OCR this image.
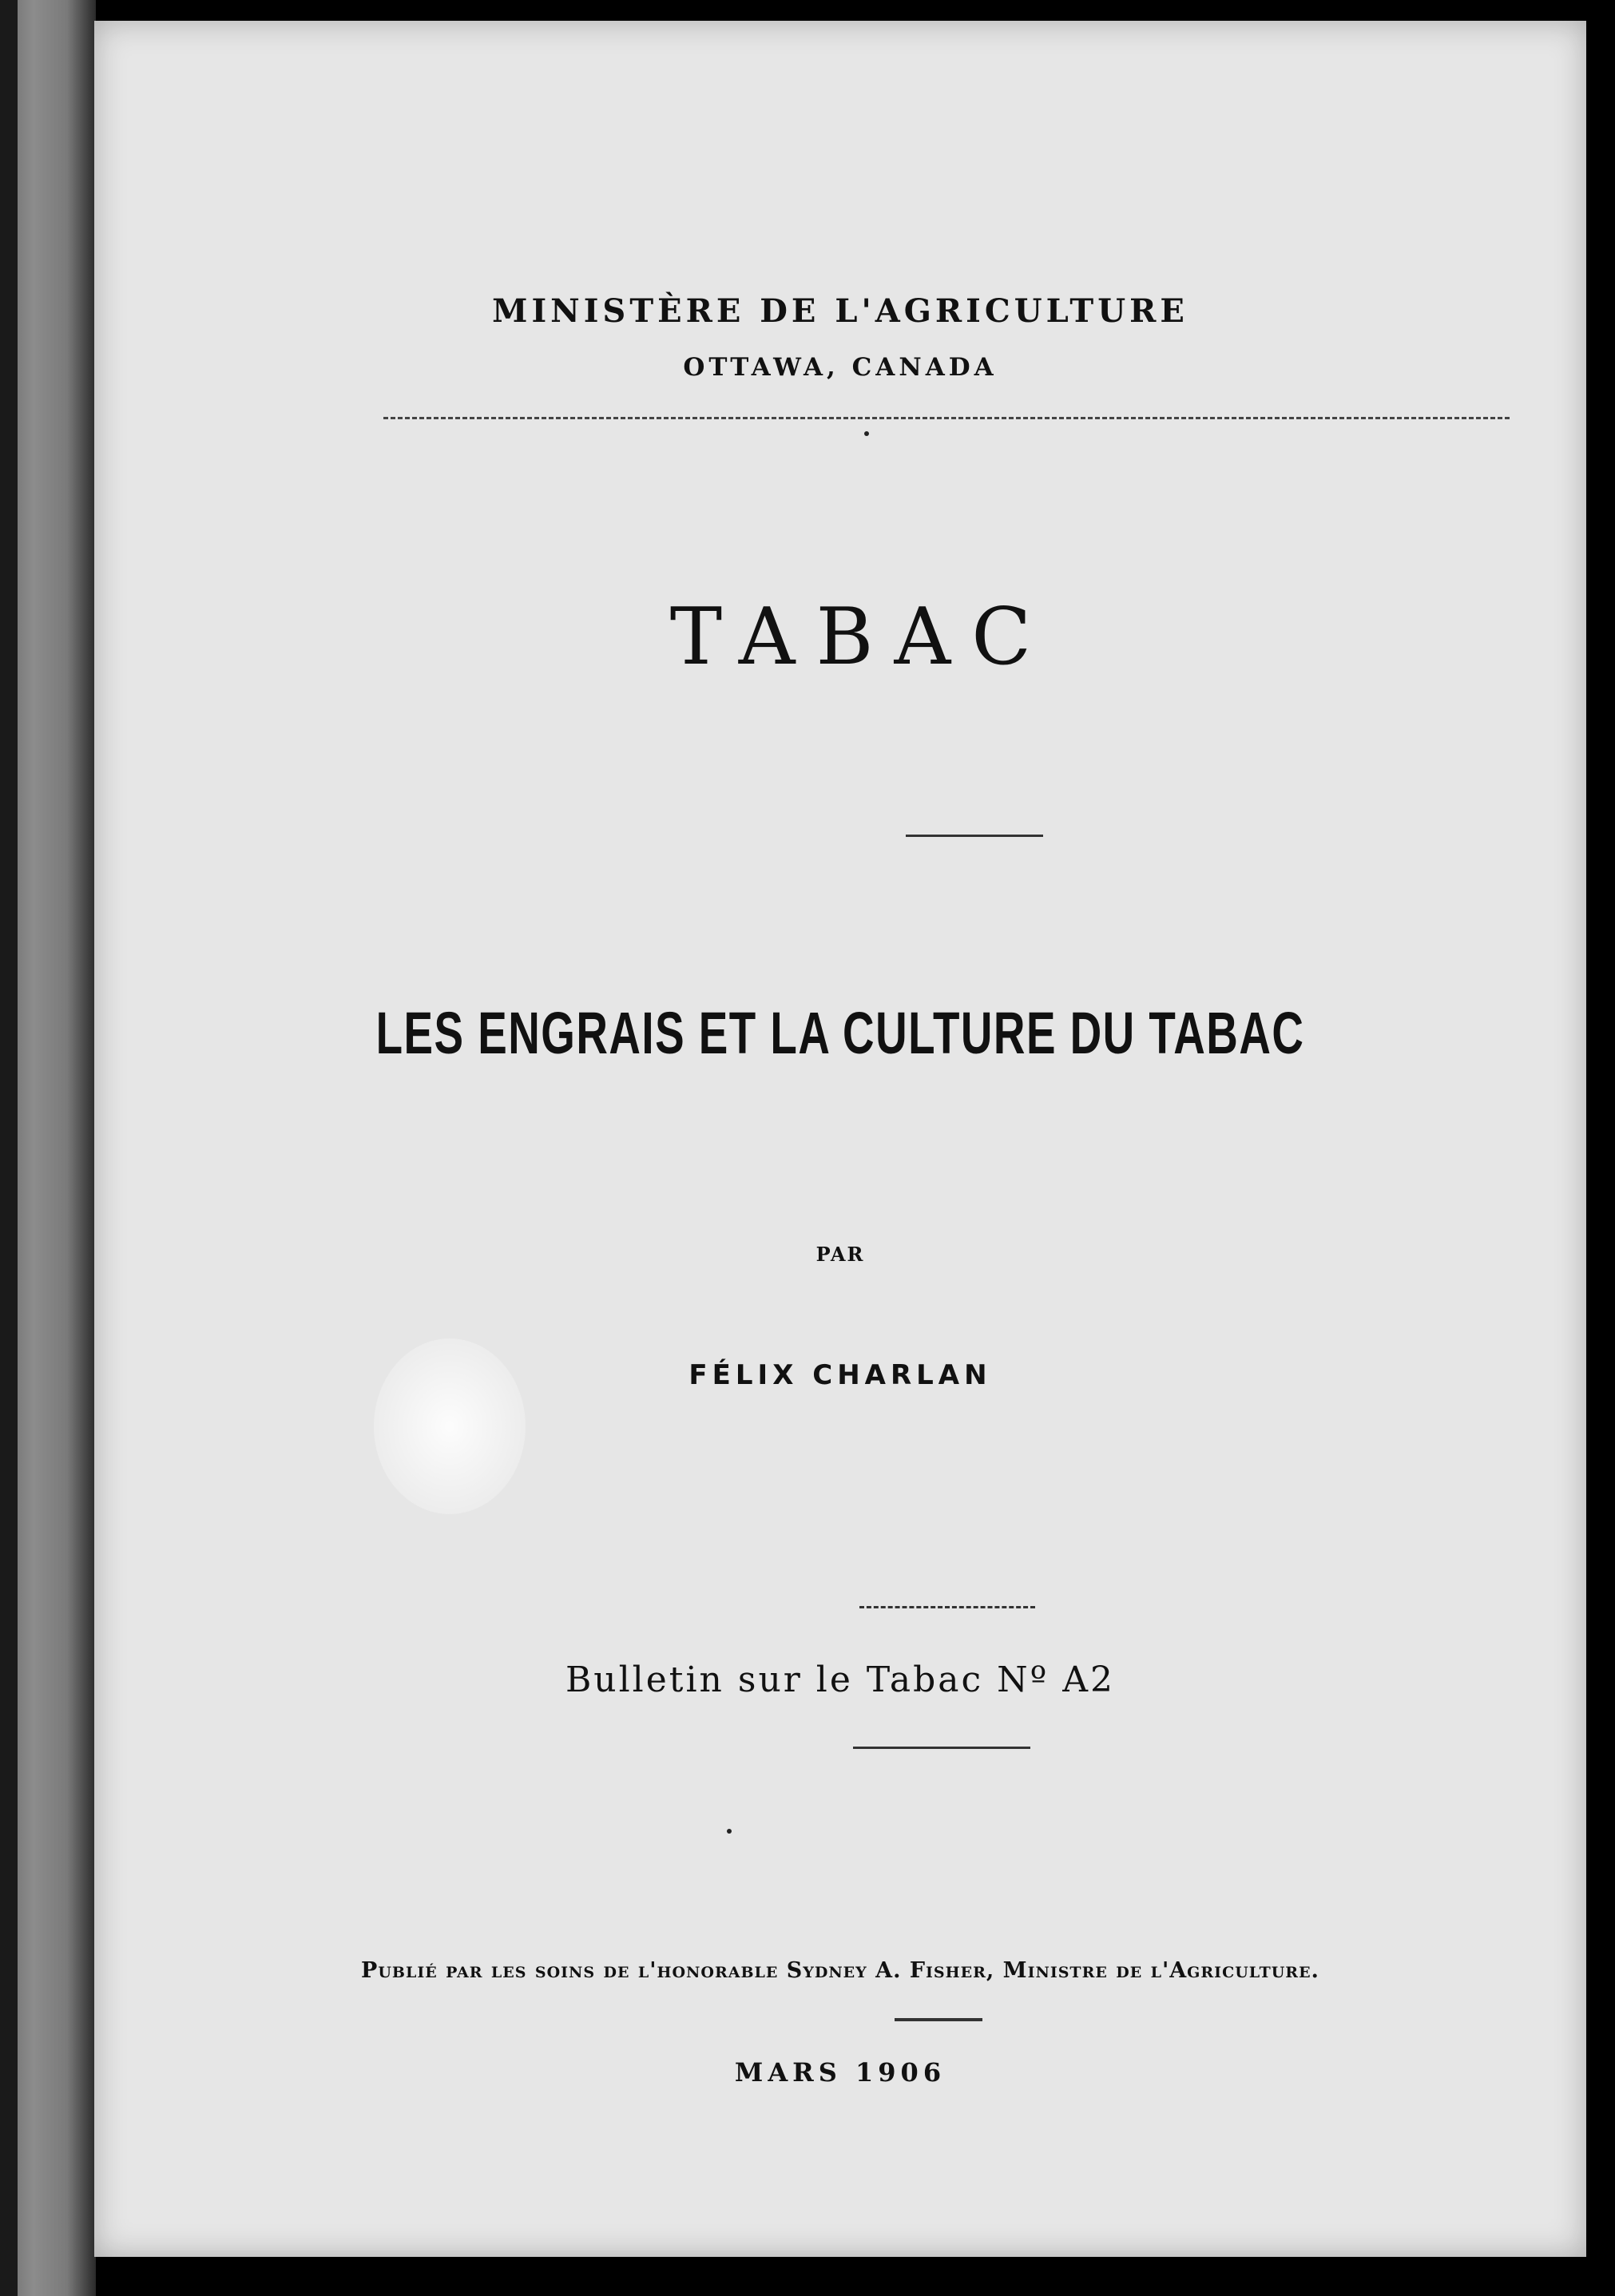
MINISTÈRE DE L'AGRICULTURE
OTTAWA, CANADA
TABAC
LES ENGRAIS ET LA CULTURE DU TABAC
PAR
FÉLIX CHARLAN
Bulletin sur le Tabac Nº A2
Publié par les soins de l'honorable Sydney A. Fisher, Ministre de l'Agriculture.
MARS 1906
